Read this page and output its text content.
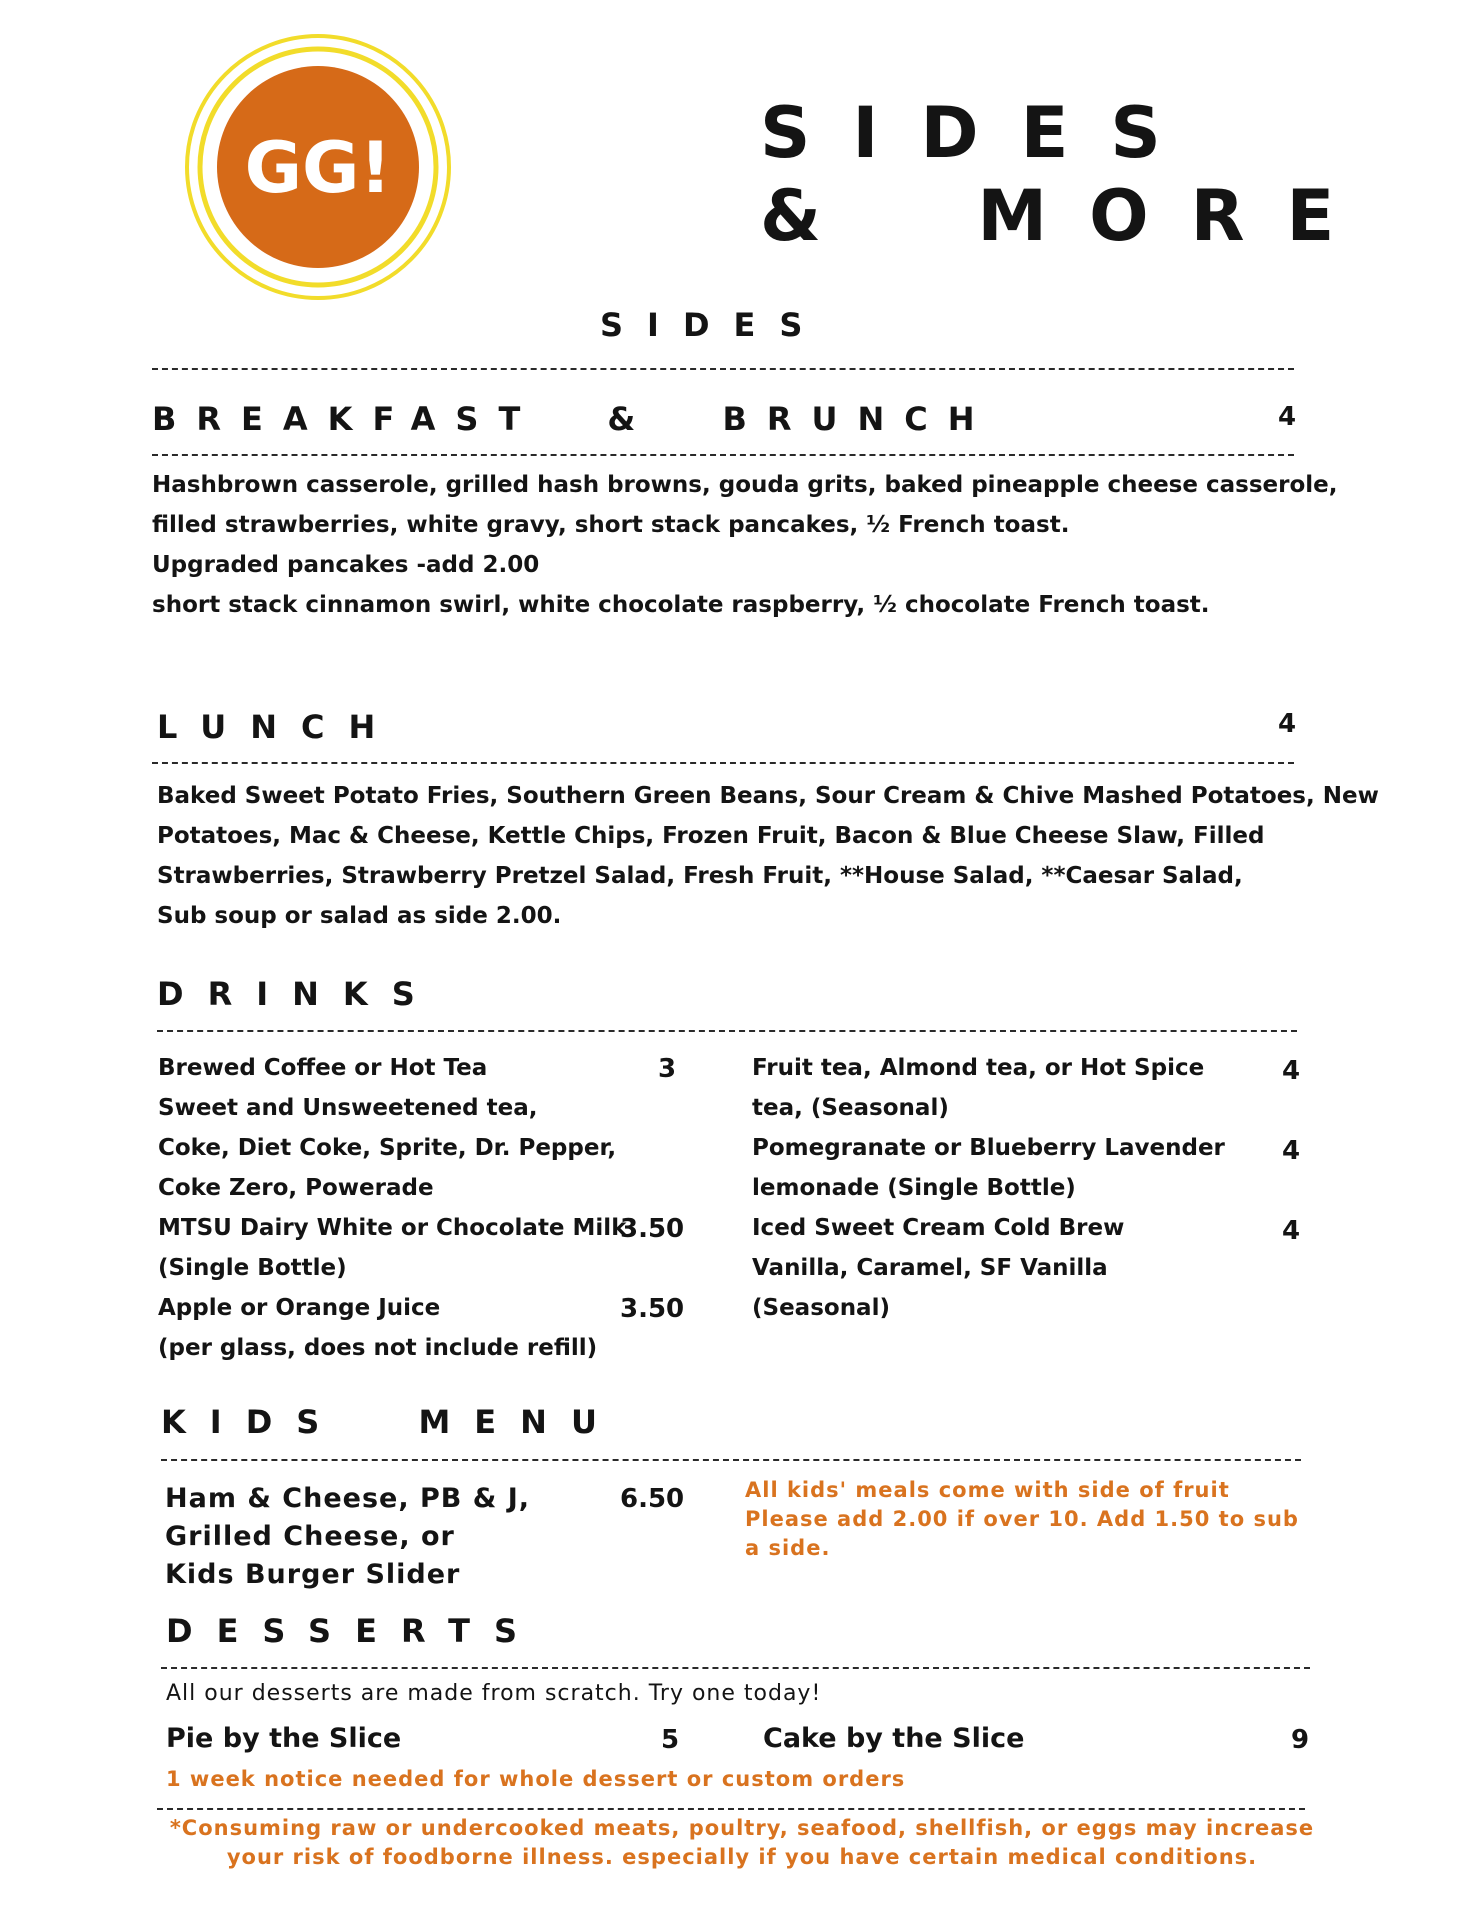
GG!	SIDES
& MORE
SIDES
BREAKFAST & BRUNCH	4
Hashbrown casserole, grilled hash browns, gouda grits, baked pineapple cheese casserole,
filled strawberries, white gravy, short stack pancakes, ½ French toast.
Upgraded pancakes -add 2.00
short stack cinnamon swirl, white chocolate raspberry, ½ chocolate French toast.
LUNCH	4
Baked Sweet Potato Fries, Southern Green Beans, Sour Cream & Chive Mashed Potatoes, New
Potatoes, Mac & Cheese, Kettle Chips, Frozen Fruit, Bacon & Blue Cheese Slaw, Filled
Strawberries, Strawberry Pretzel Salad, Fresh Fruit, **House Salad, **Caesar Salad,
Sub soup or salad as side 2.00.
DRINKS
Brewed Coffee or Hot Tea	3
Sweet and Unsweetened tea,
Coke, Diet Coke, Sprite, Dr. Pepper,
Coke Zero, Powerade
MTSU Dairy White or Chocolate Milk
3.50
(Single Bottle)
Apple or Orange Juice	3.50
(per glass, does not include refill)
Fruit tea, Almond tea, or Hot Spice	4
tea, (Seasonal)
Pomegranate or Blueberry Lavender 4
lemonade (Single Bottle)
Iced Sweet Cream Cold Brew	4
Vanilla, Caramel, SF Vanilla
(Seasonal)
KIDS MENU
Ham & Cheese, PB & J,
Grilled Cheese, or
Kids Burger Slider
6.50	All kids' meals come with side of fruit
Please add 2.00 if over 10. Add 1.50 to sub
a side.
DESSERTS
All our desserts are made from scratch. Try one today!
Pie by the Slice	5	Cake by the Slice	9
1 week notice needed for whole dessert or custom orders
*Consuming raw or undercooked meats, poultry, seafood, shellfish, or eggs may increase
your risk of foodborne illness. especially if you have certain medical conditions.
